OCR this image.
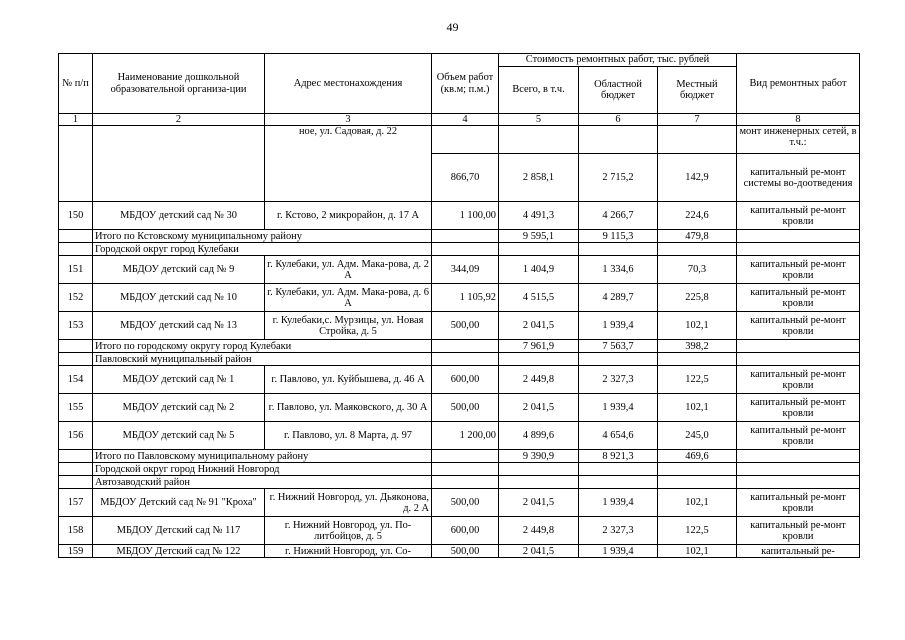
49
№ п/п	Наименование дошкольной образовательной организа-ции	Адрес местонахождения	Объем работ (кв.м; п.м.)	Стоимость ремонтных работ, тыс. рублей			Вид ремонтных работ
				Всего, в т.ч.	Областной бюджет	Местный бюджет	
1	2	3	4	5	6	7	8
		ное, ул. Садовая, д. 22					монт инженерных сетей, в т.ч.:
			866,70	2 858,1	2 715,2	142,9	капитальный ре-монт системы во-доотведения
150	МБДОУ детский сад № 30	г. Кстово, 2 микрорайон, д. 17 А	1 100,00	4 491,3	4 266,7	224,6	капитальный ре-монт кровли
	Итого по Кстовскому муниципальному району			9 595,1	9 115,3	479,8	
	Городской округ город Кулебаки						
151	МБДОУ детский сад № 9	г. Кулебаки, ул. Адм. Мака-рова, д. 2 А	344,09	1 404,9	1 334,6	70,3	капитальный ре-монт кровли
152	МБДОУ детский сад № 10	г. Кулебаки, ул. Адм. Мака-рова, д. 6 А	1 105,92	4 515,5	4 289,7	225,8	капитальный ре-монт кровли
153	МБДОУ детский сад № 13	г. Кулебаки,с. Мурзицы, ул. Новая Стройка, д. 5	500,00	2 041,5	1 939,4	102,1	капитальный ре-монт кровли
	Итого по городскому округу город Кулебаки			7 961,9	7 563,7	398,2	
	Павловский муниципальный район						
154	МБДОУ детский сад № 1	г. Павлово, ул. Куйбышева, д. 46 А	600,00	2 449,8	2 327,3	122,5	капитальный ре-монт кровли
155	МБДОУ детский сад № 2	г. Павлово, ул. Маяковского, д. 30 А	500,00	2 041,5	1 939,4	102,1	капитальный ре-монт кровли
156	МБДОУ детский сад № 5	г. Павлово, ул. 8 Марта, д. 97	1 200,00	4 899,6	4 654,6	245,0	капитальный ре-монт кровли
	Итого по Павловскому муниципальному району			9 390,9	8 921,3	469,6	
	Городской округ город Нижний Новгород						
	Автозаводский район						
157	МБДОУ Детский сад № 91 "Кроха"	г. Нижний Новгород, ул. Дьяконова, д. 2 А	500,00	2 041,5	1 939,4	102,1	капитальный ре-монт кровли
158	МБДОУ Детский сад № 117	г. Нижний Новгород, ул. По-литбойцов, д. 5	600,00	2 449,8	2 327,3	122,5	капитальный ре-монт кровли
159	МБДОУ Детский сад № 122	г. Нижний Новгород, ул. Со-	500,00	2 041,5	1 939,4	102,1	капитальный ре-
